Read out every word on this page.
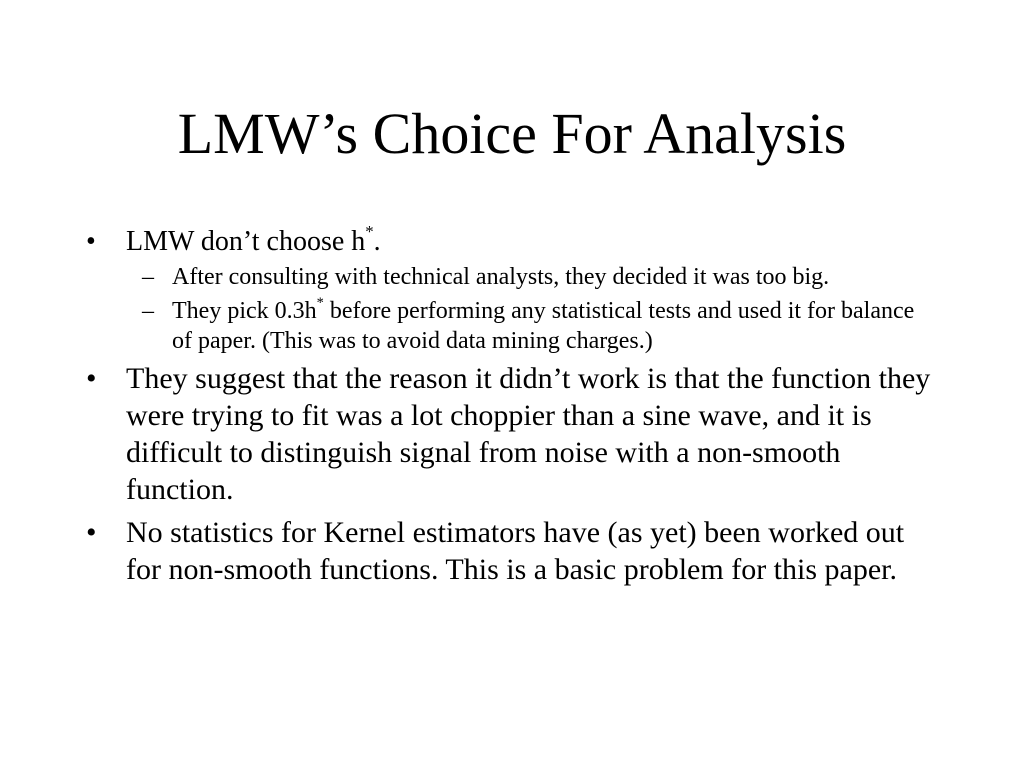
LMW’s Choice For Analysis
• LMW don’t choose h*.
– After consulting with technical analysts, they decided it was too big.
– They pick 0.3h* before performing any statistical tests and used it for balance of paper. (This was to avoid data mining charges.)
• They suggest that the reason it didn’t work is that the function they were trying to fit was a lot choppier than a sine wave, and it is difficult to distinguish signal from noise with a non-smooth function.
• No statistics for Kernel estimators have (as yet) been worked out for non-smooth functions. This is a basic problem for this paper.
